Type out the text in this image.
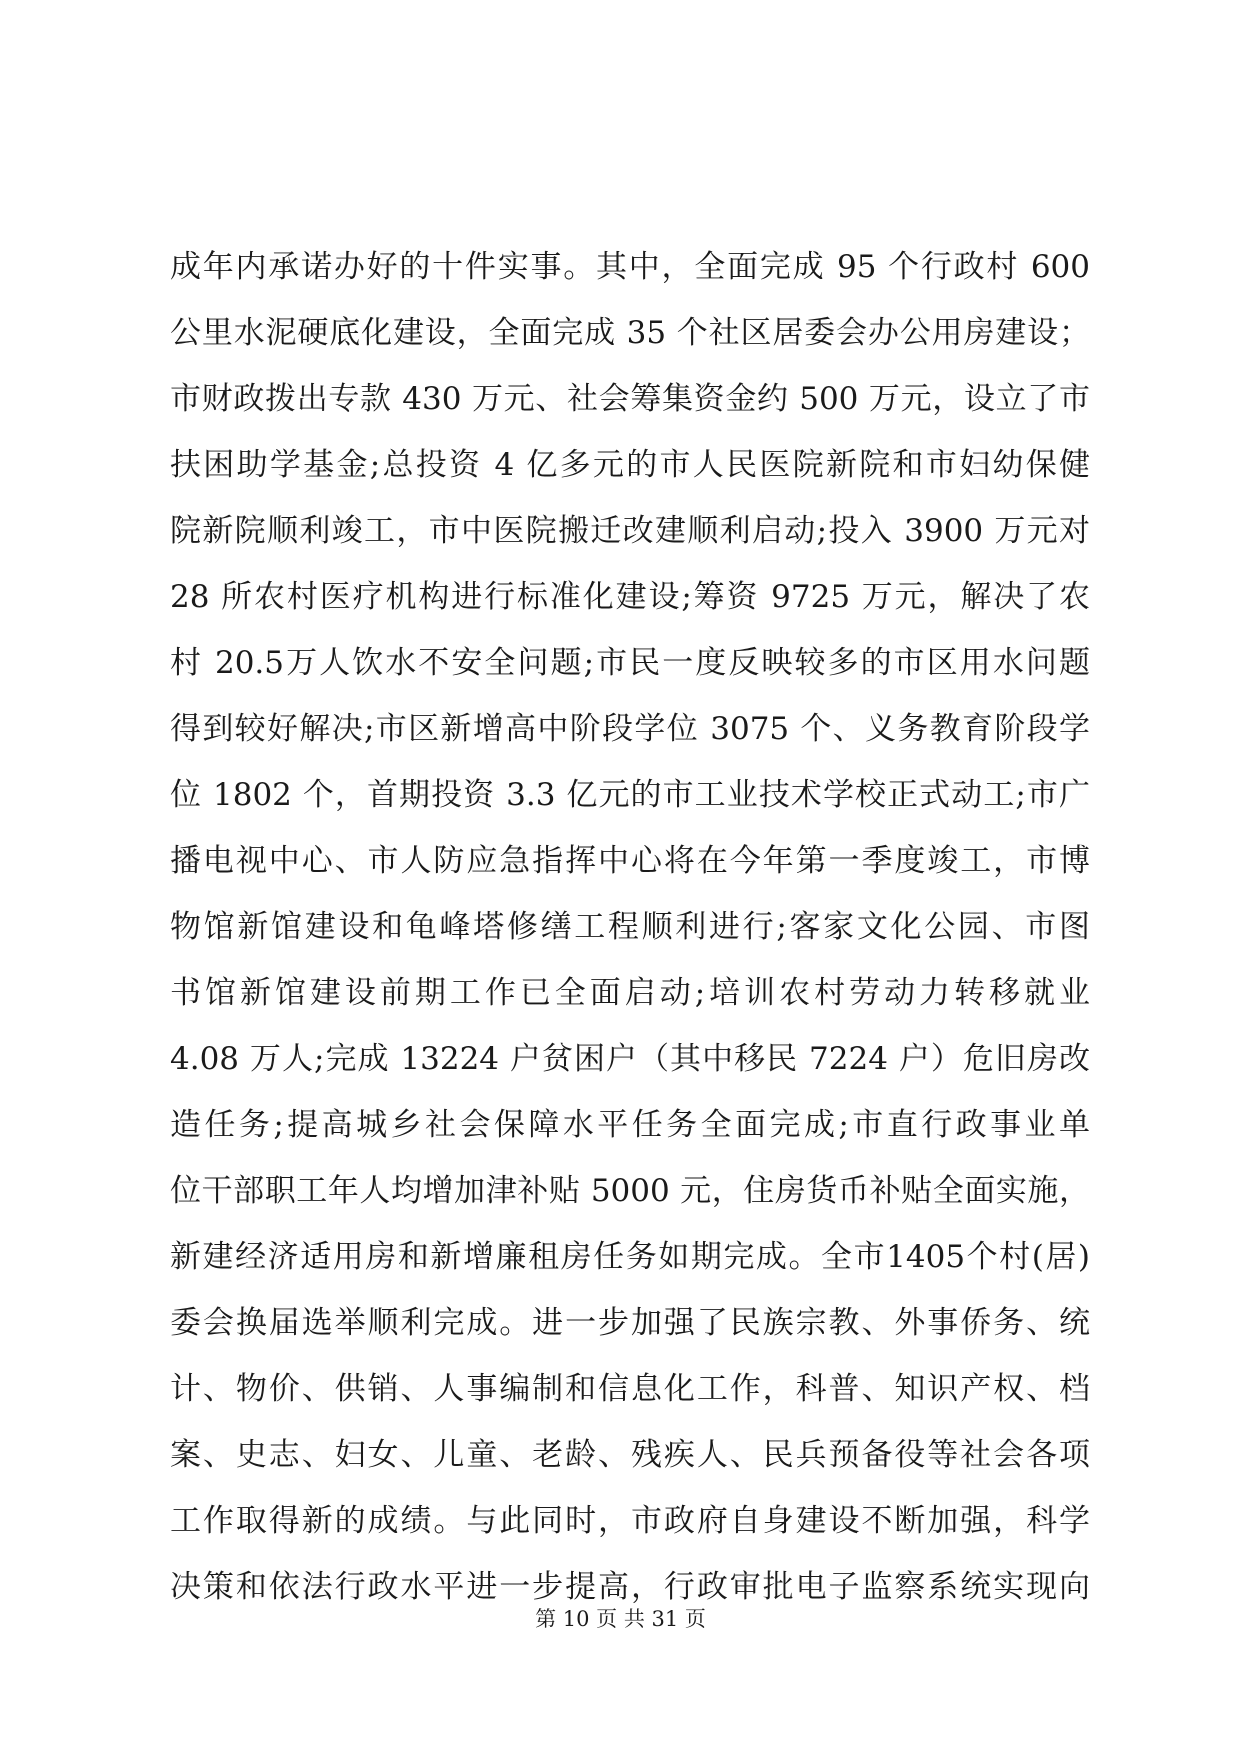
成年内承诺办好的十件实事。其中，全面完成 95 个行政村 600
公里水泥硬底化建设，全面完成 35 个社区居委会办公用房建设；
市财政拨出专款 430 万元、社会筹集资金约 500 万元，设立了市
扶困助学基金;总投资 4 亿多元的市人民医院新院和市妇幼保健
院新院顺利竣工，市中医院搬迁改建顺利启动;投入 3900 万元对
28 所农村医疗机构进行标准化建设;筹资 9725 万元，解决了农
村 20.5万人饮水不安全问题;市民一度反映较多的市区用水问题
得到较好解决;市区新增高中阶段学位 3075 个、义务教育阶段学
位 1802 个，首期投资 3.3 亿元的市工业技术学校正式动工;市广
播电视中心、市人防应急指挥中心将在今年第一季度竣工，市博
物馆新馆建设和龟峰塔修缮工程顺利进行;客家文化公园、市图
书馆新馆建设前期工作已全面启动;培训农村劳动力转移就业
4.08 万人;完成 13224 户贫困户（其中移民 7224 户）危旧房改
造任务;提高城乡社会保障水平任务全面完成;市直行政事业单
位干部职工年人均增加津补贴 5000 元，住房货币补贴全面实施，
新建经济适用房和新增廉租房任务如期完成。全市1405个村(居)
委会换届选举顺利完成。进一步加强了民族宗教、外事侨务、统
计、物价、供销、人事编制和信息化工作，科普、知识产权、档
案、史志、妇女、儿童、老龄、残疾人、民兵预备役等社会各项
工作取得新的成绩。与此同时，市政府自身建设不断加强，科学
决策和依法行政水平进一步提高，行政审批电子监察系统实现向
第 10 页 共 31 页
